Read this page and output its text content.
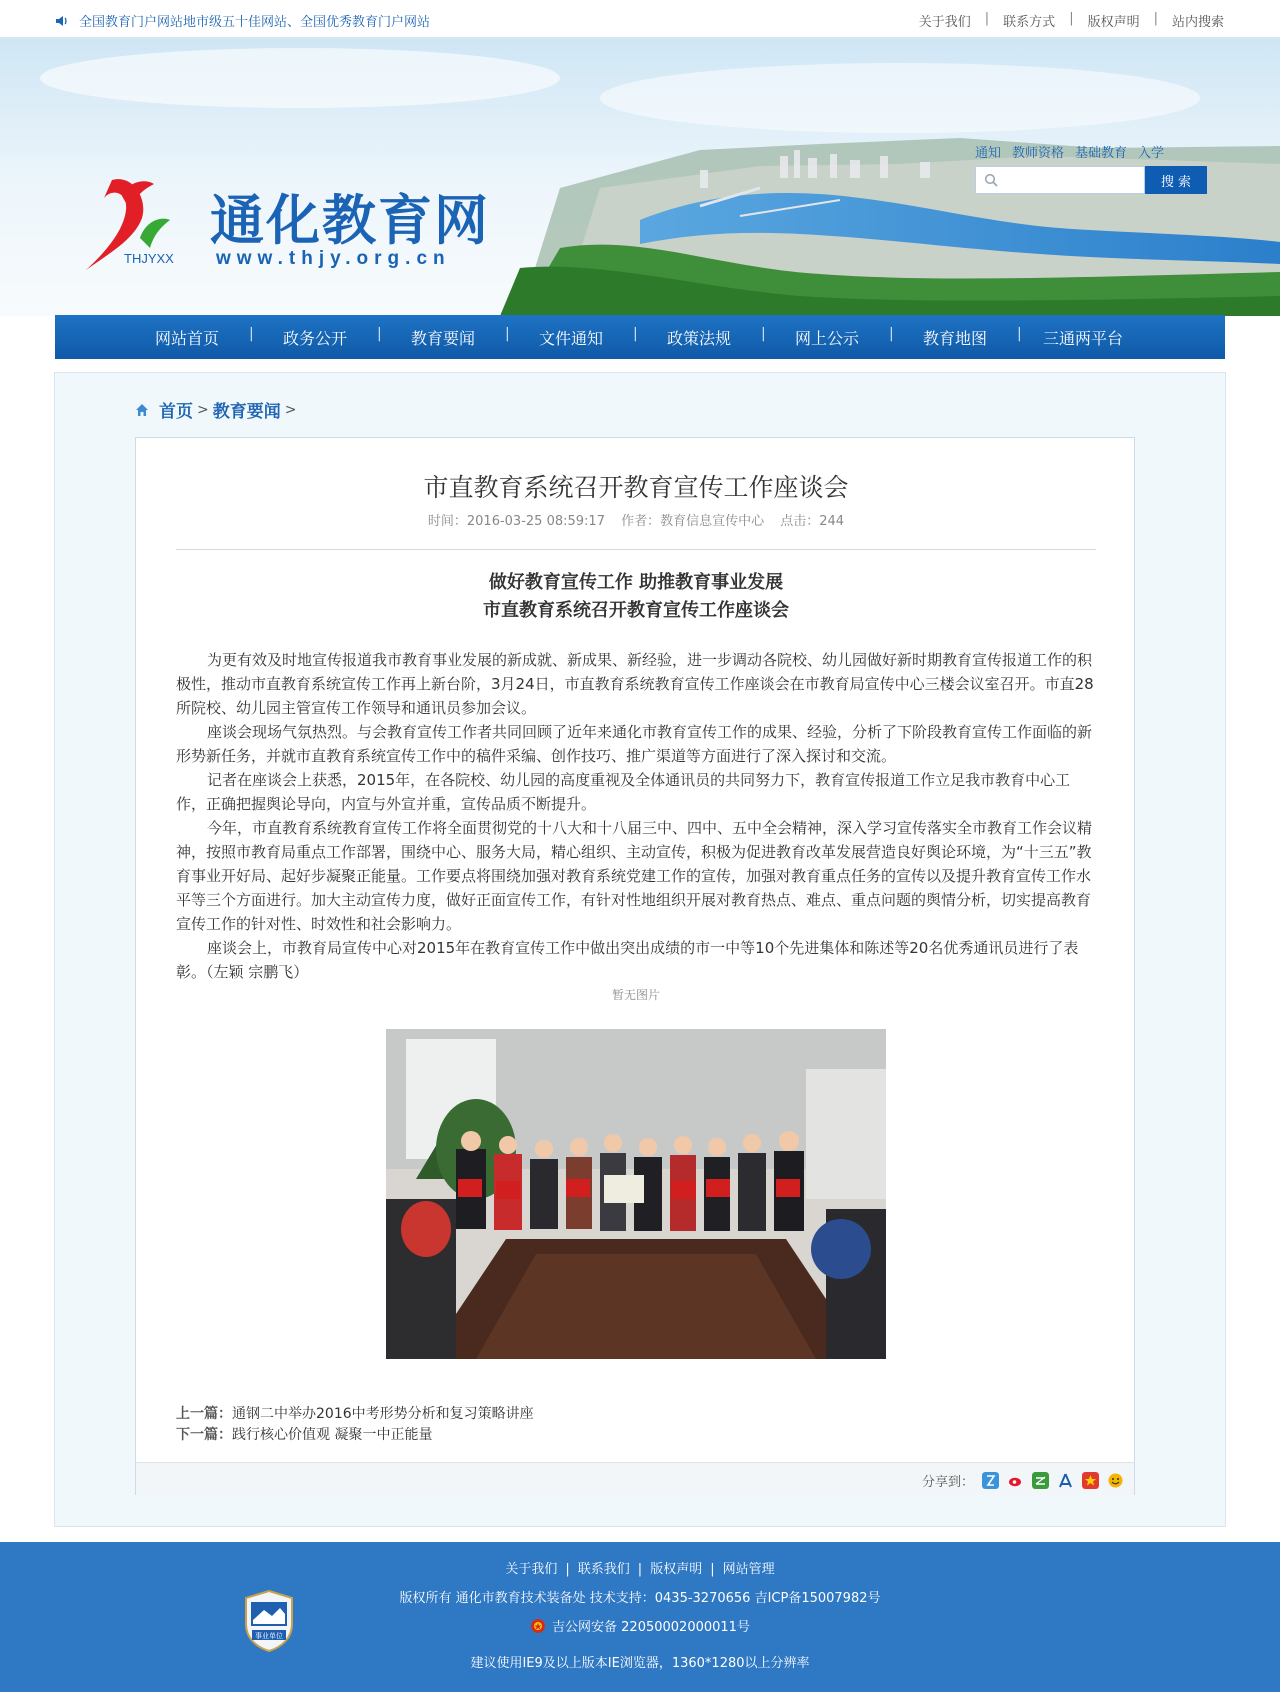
全国教育门户网站地市级五十佳网站、全国优秀教育门户网站	关于我们 | 联系方式 | 版权声明 | 站内搜索
THJYXX
通化教育网
www.thjy.org.cn
通知 教师资格 基础教育 入学
搜 索
网站首页	| 政务公开	| 教育要闻	| 文件通知	| 政策法规	| 网上公示	| 教育地图	| 三通两平台
首页 > 教育要闻 >
市直教育系统召开教育宣传工作座谈会
时间：2016-03-25 08:59:17 作者：教育信息宣传中心 点击：244
做好教育宣传工作 助推教育事业发展
市直教育系统召开教育宣传工作座谈会

为更有效及时地宣传报道我市教育事业发展的新成就、新成果、新经验，进一步调动各院校、幼儿园做好新时期教育宣传报道工作的积极性，推动市直教育系统宣传工作再上新台阶，3月24日，市直教育系统教育宣传工作座谈会在市教育局宣传中心三楼会议室召开。市直28所院校、幼儿园主管宣传工作领导和通讯员参加会议。

座谈会现场气氛热烈。与会教育宣传工作者共同回顾了近年来通化市教育宣传工作的成果、经验，分析了下阶段教育宣传工作面临的新形势新任务，并就市直教育系统宣传工作中的稿件采编、创作技巧、推广渠道等方面进行了深入探讨和交流。

记者在座谈会上获悉，2015年，在各院校、幼儿园的高度重视及全体通讯员的共同努力下，教育宣传报道工作立足我市教育中心工作，正确把握舆论导向，内宣与外宣并重，宣传品质不断提升。

今年，市直教育系统教育宣传工作将全面贯彻党的十八大和十八届三中、四中、五中全会精神，深入学习宣传落实全市教育工作会议精神，按照市教育局重点工作部署，围绕中心、服务大局，精心组织、主动宣传，积极为促进教育改革发展营造良好舆论环境，为“十三五”教育事业开好局、起好步凝聚正能量。工作要点将围绕加强对教育系统党建工作的宣传，加强对教育重点任务的宣传以及提升教育宣传工作水平等三个方面进行。加大主动宣传力度，做好正面宣传工作，有针对性地组织开展对教育热点、难点、重点问题的舆情分析，切实提高教育宣传工作的针对性、时效性和社会影响力。

座谈会上，市教育局宣传中心对2015年在教育宣传工作中做出突出成绩的市一中等10个先进集体和陈述等20名优秀通讯员进行了表彰。（左颖 宗鹏飞）

暂无图片
上一篇：通钢二中举办2016中考形势分析和复习策略讲座
下一篇：践行核心价值观 凝聚一中正能量
分享到：
事业单位
关于我们 | 联系我们 | 版权声明 | 网站管理
版权所有 通化市教育技术装备处 技术支持：0435-3270656 吉ICP备15007982号
吉公网安备 22050002000011号
建议使用IE9及以上版本IE浏览器，1360*1280以上分辨率
